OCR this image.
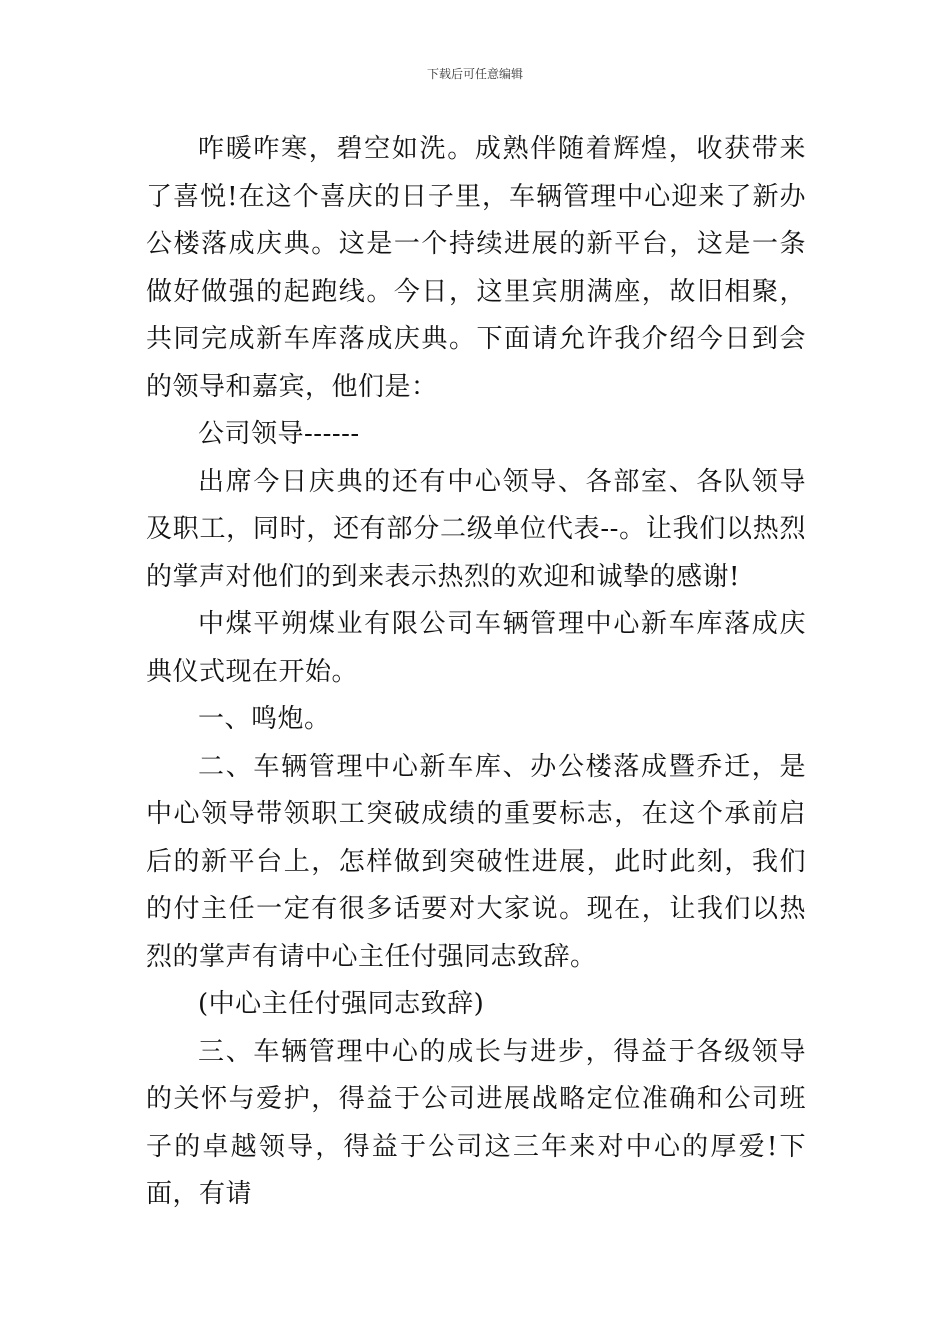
下载后可任意编辑

咋暖咋寒，碧空如洗。成熟伴随着辉煌，收获带来了喜悦!在这个喜庆的日子里，车辆管理中心迎来了新办公楼落成庆典。这是一个持续进展的新平台，这是一条做好做强的起跑线。今日，这里宾朋满座，故旧相聚，共同完成新车库落成庆典。下面请允许我介绍今日到会的领导和嘉宾，他们是：

公司领导------

出席今日庆典的还有中心领导、各部室、各队领导及职工，同时，还有部分二级单位代表--。让我们以热烈的掌声对他们的到来表示热烈的欢迎和诚挚的感谢!

中煤平朔煤业有限公司车辆管理中心新车库落成庆典仪式现在开始。

一、鸣炮。

二、车辆管理中心新车库、办公楼落成暨乔迁，是中心领导带领职工突破成绩的重要标志，在这个承前启后的新平台上，怎样做到突破性进展，此时此刻，我们的付主任一定有很多话要对大家说。现在，让我们以热烈的掌声有请中心主任付强同志致辞。

(中心主任付强同志致辞)

三、车辆管理中心的成长与进步，得益于各级领导的关怀与爱护，得益于公司进展战略定位准确和公司班子的卓越领导，得益于公司这三年来对中心的厚爱!下面，有请
